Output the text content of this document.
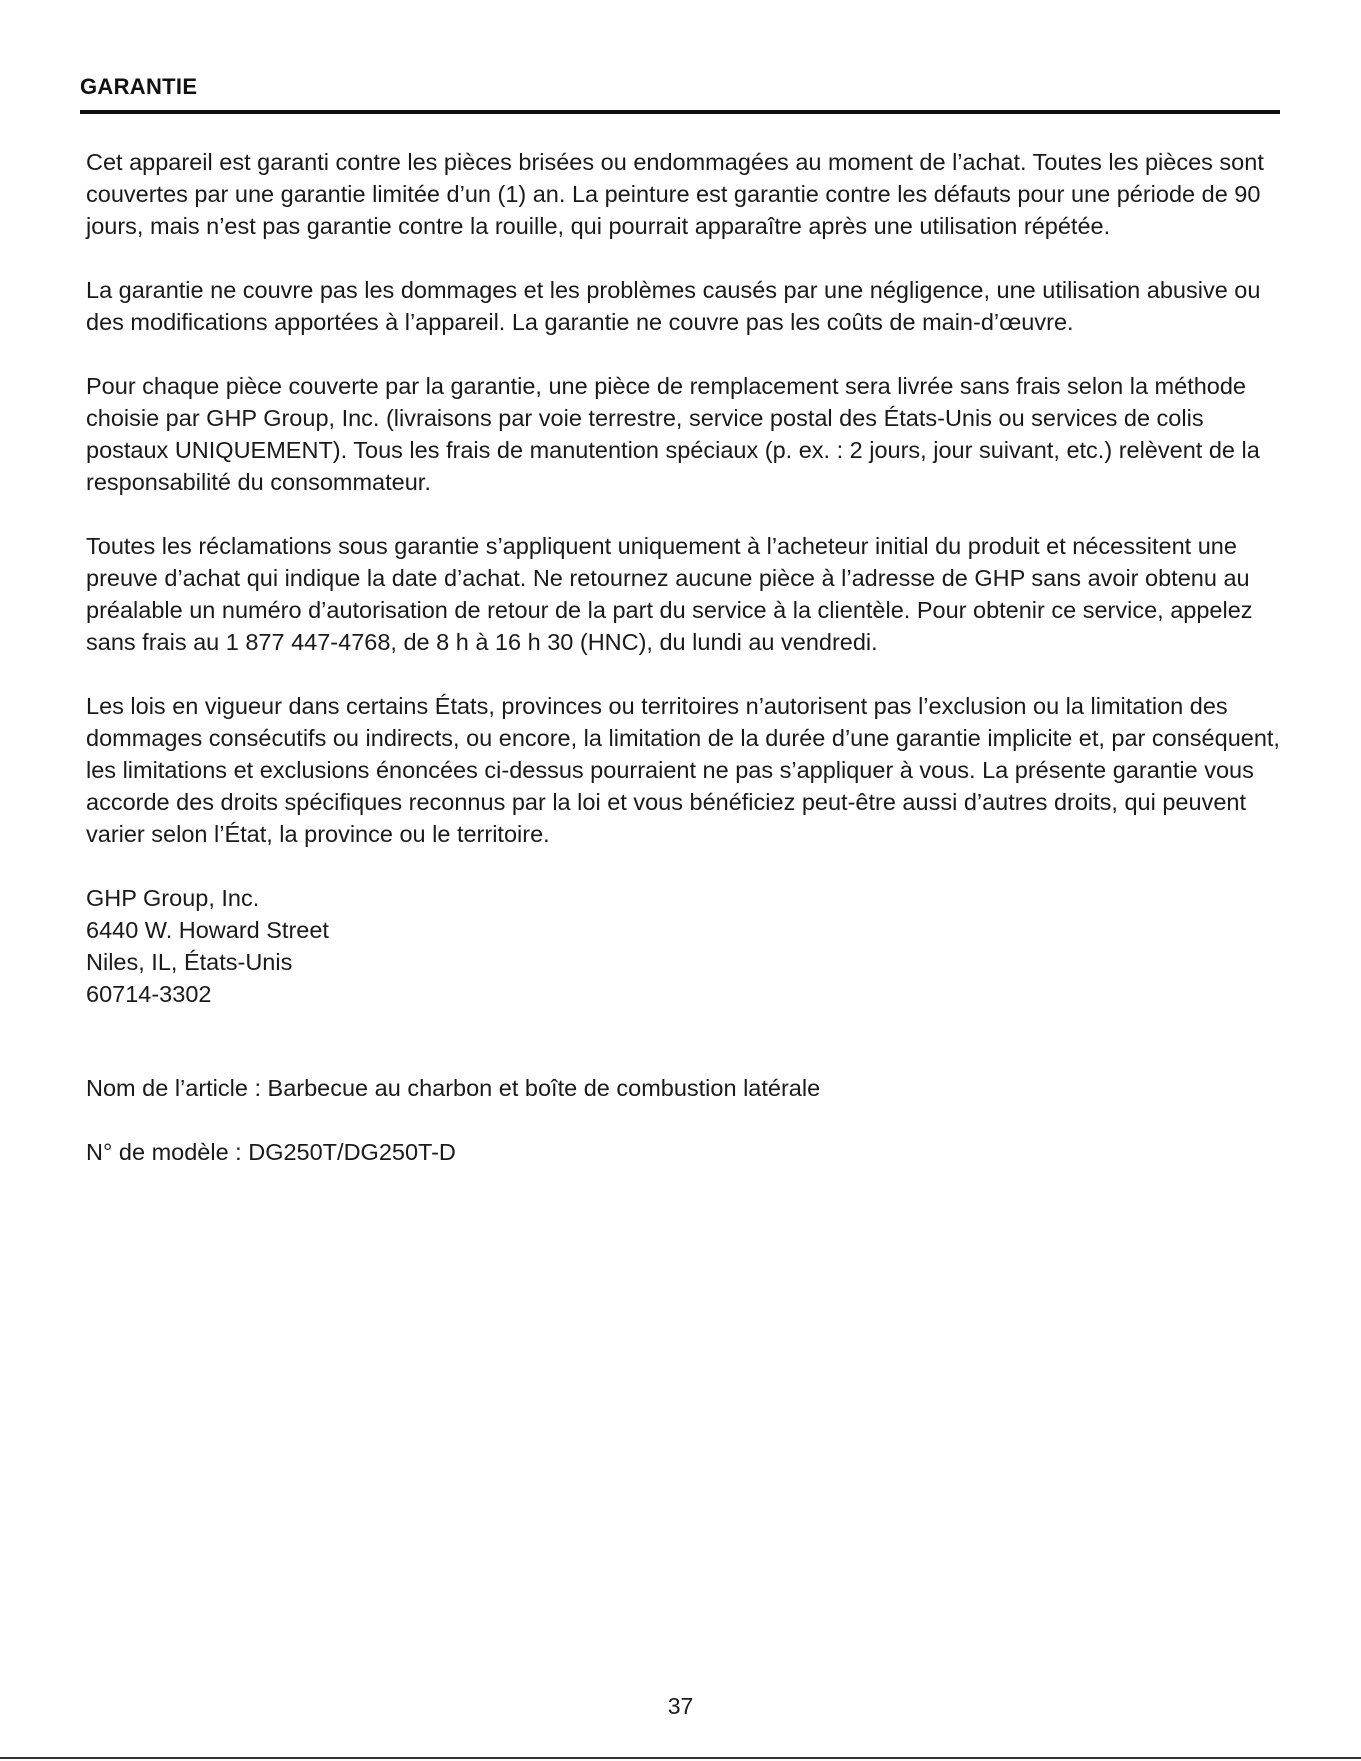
GARANTIE

Cet appareil est garanti contre les pièces brisées ou endommagées au moment de l’achat. Toutes les pièces sont couvertes par une garantie limitée d’un (1) an. La peinture est garantie contre les défauts pour une période de 90 jours, mais n’est pas garantie contre la rouille, qui pourrait apparaître après une utilisation répétée.

La garantie ne couvre pas les dommages et les problèmes causés par une négligence, une utilisation abusive ou des modifications apportées à l’appareil. La garantie ne couvre pas les coûts de main-d’œuvre.

Pour chaque pièce couverte par la garantie, une pièce de remplacement sera livrée sans frais selon la méthode choisie par GHP Group, Inc. (livraisons par voie terrestre, service postal des États-Unis ou services de colis postaux UNIQUEMENT). Tous les frais de manutention spéciaux (p. ex. : 2 jours, jour suivant, etc.) relèvent de la responsabilité du consommateur.

Toutes les réclamations sous garantie s’appliquent uniquement à l’acheteur initial du produit et nécessitent une preuve d’achat qui indique la date d’achat. Ne retournez aucune pièce à l’adresse de GHP sans avoir obtenu au préalable un numéro d’autorisation de retour de la part du service à la clientèle. Pour obtenir ce service, appelez sans frais au 1 877 447-4768, de 8 h à 16 h 30 (HNC), du lundi au vendredi.

Les lois en vigueur dans certains États, provinces ou territoires n’autorisent pas l’exclusion ou la limitation des dommages consécutifs ou indirects, ou encore, la limitation de la durée d’une garantie implicite et, par conséquent, les limitations et exclusions énoncées ci-dessus pourraient ne pas s’appliquer à vous. La présente garantie vous accorde des droits spécifiques reconnus par la loi et vous bénéficiez peut-être aussi d’autres droits, qui peuvent varier selon l’État, la province ou le territoire.

GHP Group, Inc.
6440 W. Howard Street
Niles, IL, États-Unis
60714-3302

Nom de l’article : Barbecue au charbon et boîte de combustion latérale

N° de modèle : DG250T/DG250T-D

37
